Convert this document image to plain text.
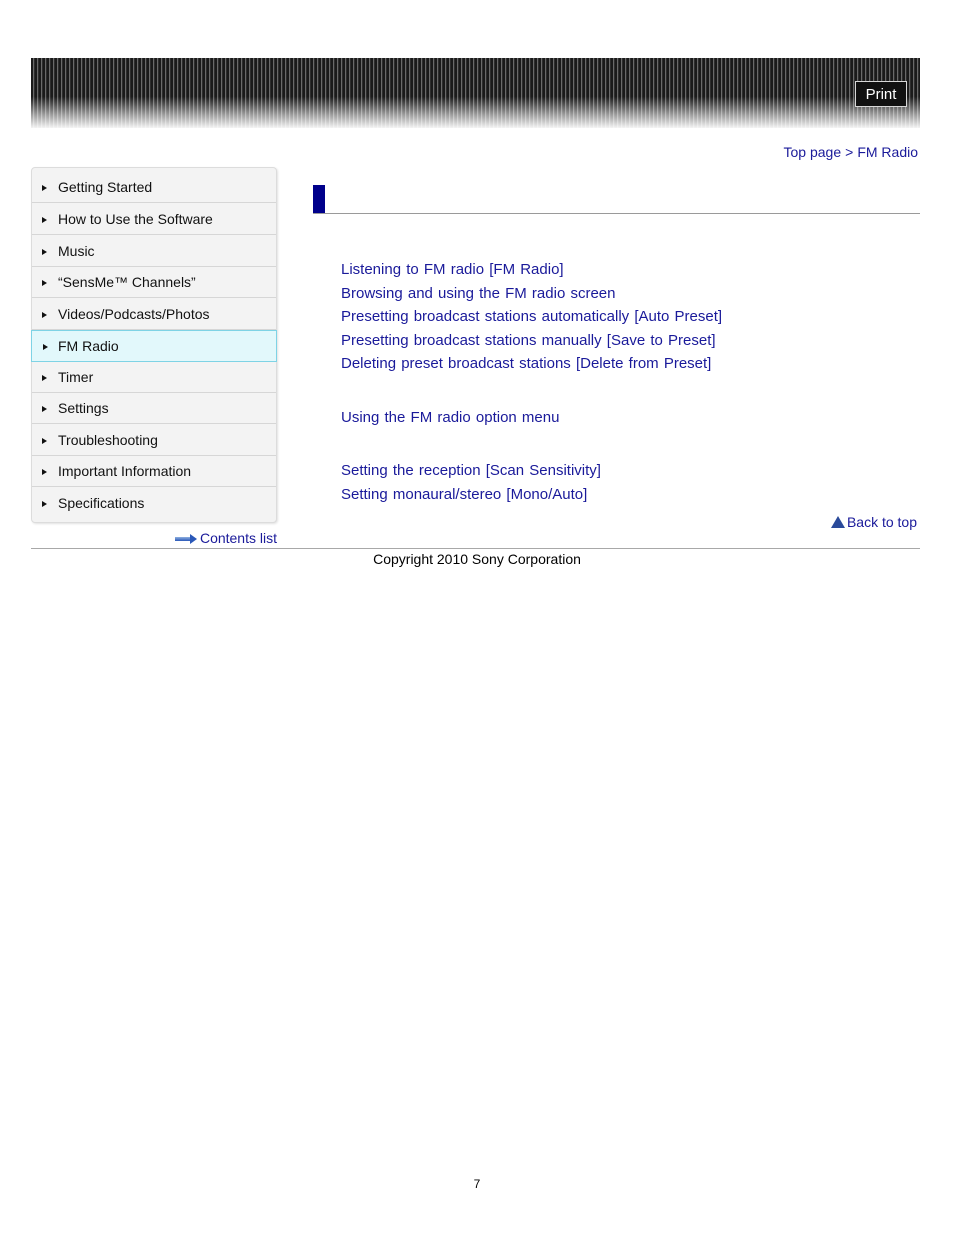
Print
Top page > FM Radio
Getting Started
How to Use the Software
Music
“SensMe™ Channels”
Videos/Podcasts/Photos
FM Radio
Timer
Settings
Troubleshooting
Important Information
Specifications
Contents list
Listening to FM radio [FM Radio]
Browsing and using the FM radio screen
Presetting broadcast stations automatically [Auto Preset]
Presetting broadcast stations manually [Save to Preset]
Deleting preset broadcast stations [Delete from Preset]
Using the FM radio option menu
Setting the reception [Scan Sensitivity]
Setting monaural/stereo [Mono/Auto]
Back to top
Copyright 2010 Sony Corporation
7
